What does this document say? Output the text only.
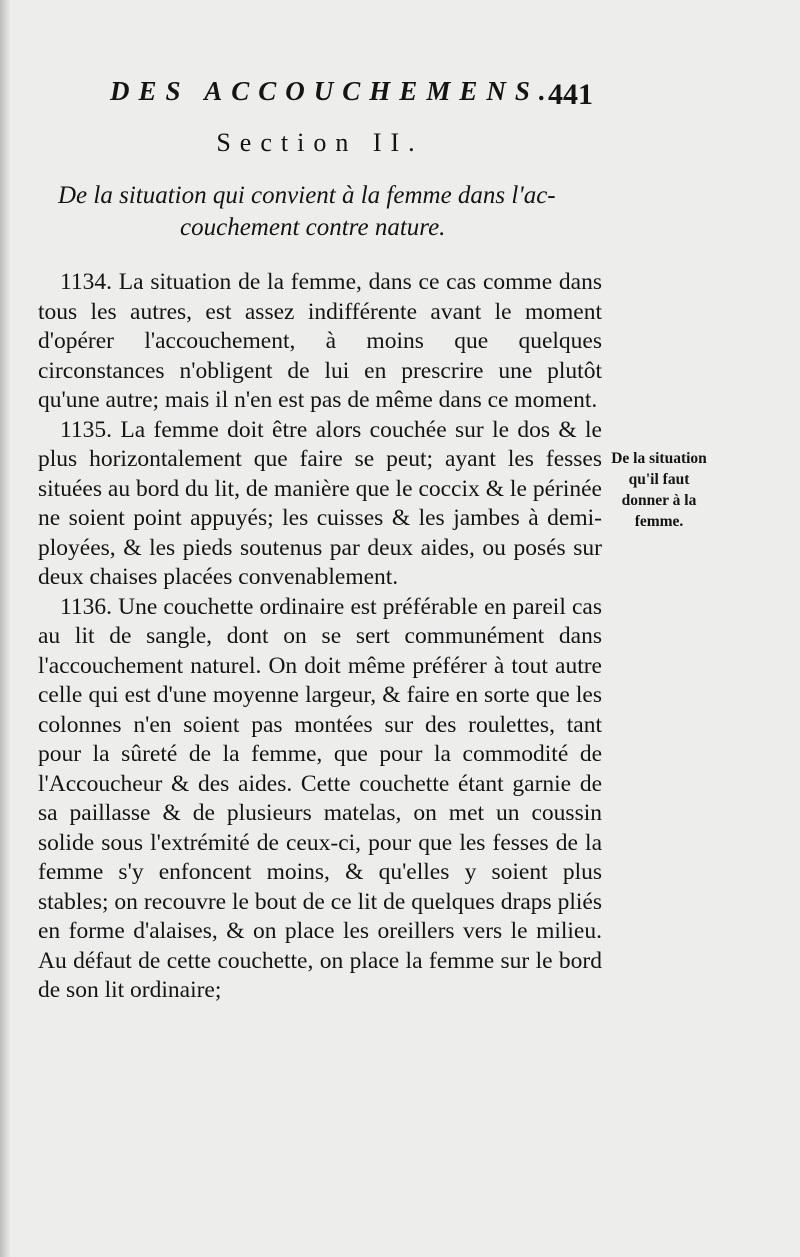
DES ACCOUCHEMENS.
441
Section II.
De la situation qui convient à la femme dans l'ac-
couchement contre nature.

1134. La situation de la femme, dans ce cas comme dans tous les autres, est assez indifférente avant le moment d'opérer l'accouchement, à moins que quelques circonstances n'obligent de lui en prescrire une plutôt qu'une autre; mais il n'en est pas de même dans ce moment.

1135. La femme doit être alors couchée sur le dos & le plus horizontalement que faire se peut; ayant les fesses situées au bord du lit, de manière que le coccix & le périnée ne soient point appuyés; les cuisses & les jambes à demi-ployées, & les pieds soutenus par deux aides, ou posés sur deux chaises placées convenablement.

1136. Une couchette ordinaire est préférable en pareil cas au lit de sangle, dont on se sert communément dans l'accouchement naturel. On doit même préférer à tout autre celle qui est d'une moyenne largeur, & faire en sorte que les colonnes n'en soient pas montées sur des roulettes, tant pour la sûreté de la femme, que pour la commodité de l'Accoucheur & des aides. Cette couchette étant garnie de sa paillasse & de plusieurs matelas, on met un coussin solide sous l'extrémité de ceux-ci, pour que les fesses de la femme s'y enfoncent moins, & qu'elles y soient plus stables; on recouvre le bout de ce lit de quelques draps pliés en forme d'alaises, & on place les oreillers vers le milieu. Au défaut de cette couchette, on place la femme sur le bord de son lit ordinaire;

De la situation qu'il faut donner à la femme.
